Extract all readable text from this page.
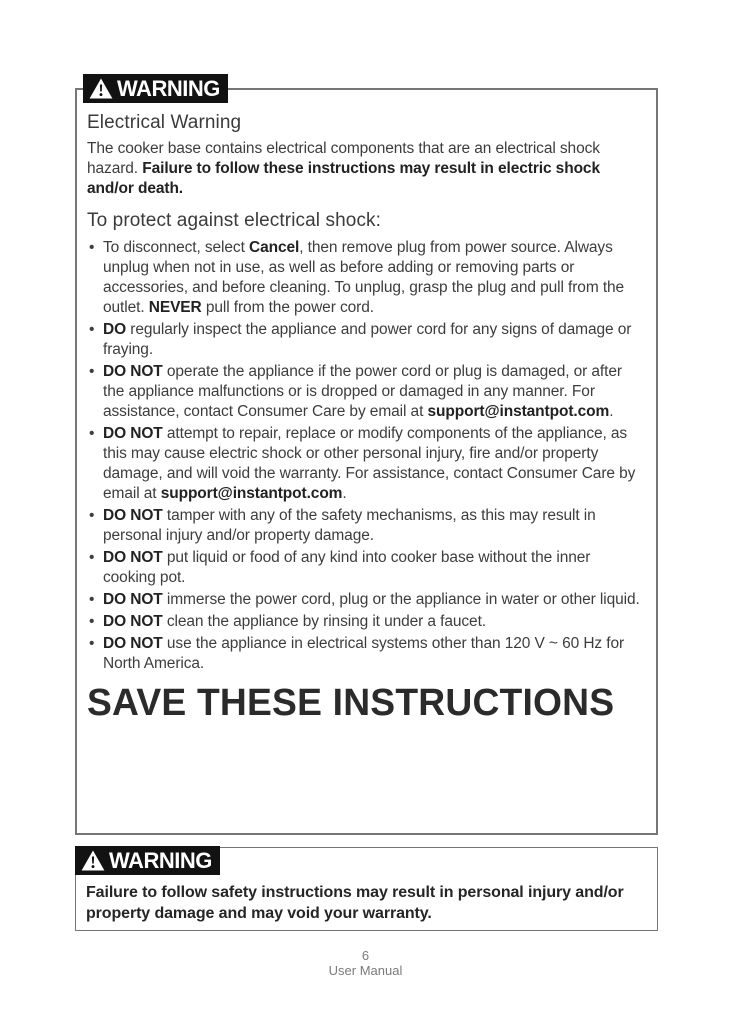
WARNING
Electrical Warning

The cooker base contains electrical components that are an electrical shock hazard. Failure to follow these instructions may result in electric shock and/or death.

To protect against electrical shock:
• To disconnect, select Cancel, then remove plug from power source. Always unplug when not in use, as well as before adding or removing parts or accessories, and before cleaning. To unplug, grasp the plug and pull from the outlet. NEVER pull from the power cord.
• DO regularly inspect the appliance and power cord for any signs of damage or fraying.
• DO NOT operate the appliance if the power cord or plug is damaged, or after the appliance malfunctions or is dropped or damaged in any manner. For assistance, contact Consumer Care by email at support@instantpot.com.
• DO NOT attempt to repair, replace or modify components of the appliance, as this may cause electric shock or other personal injury, fire and/or property damage, and will void the warranty. For assistance, contact Consumer Care by email at support@instantpot.com.
• DO NOT tamper with any of the safety mechanisms, as this may result in personal injury and/or property damage.
• DO NOT put liquid or food of any kind into cooker base without the inner cooking pot.
• DO NOT immerse the power cord, plug or the appliance in water or other liquid.
• DO NOT clean the appliance by rinsing it under a faucet.
• DO NOT use the appliance in electrical systems other than 120 V ~ 60 Hz for North America.
SAVE THESE INSTRUCTIONS
WARNING
Failure to follow safety instructions may result in personal injury and/or property damage and may void your warranty.
6
User Manual
